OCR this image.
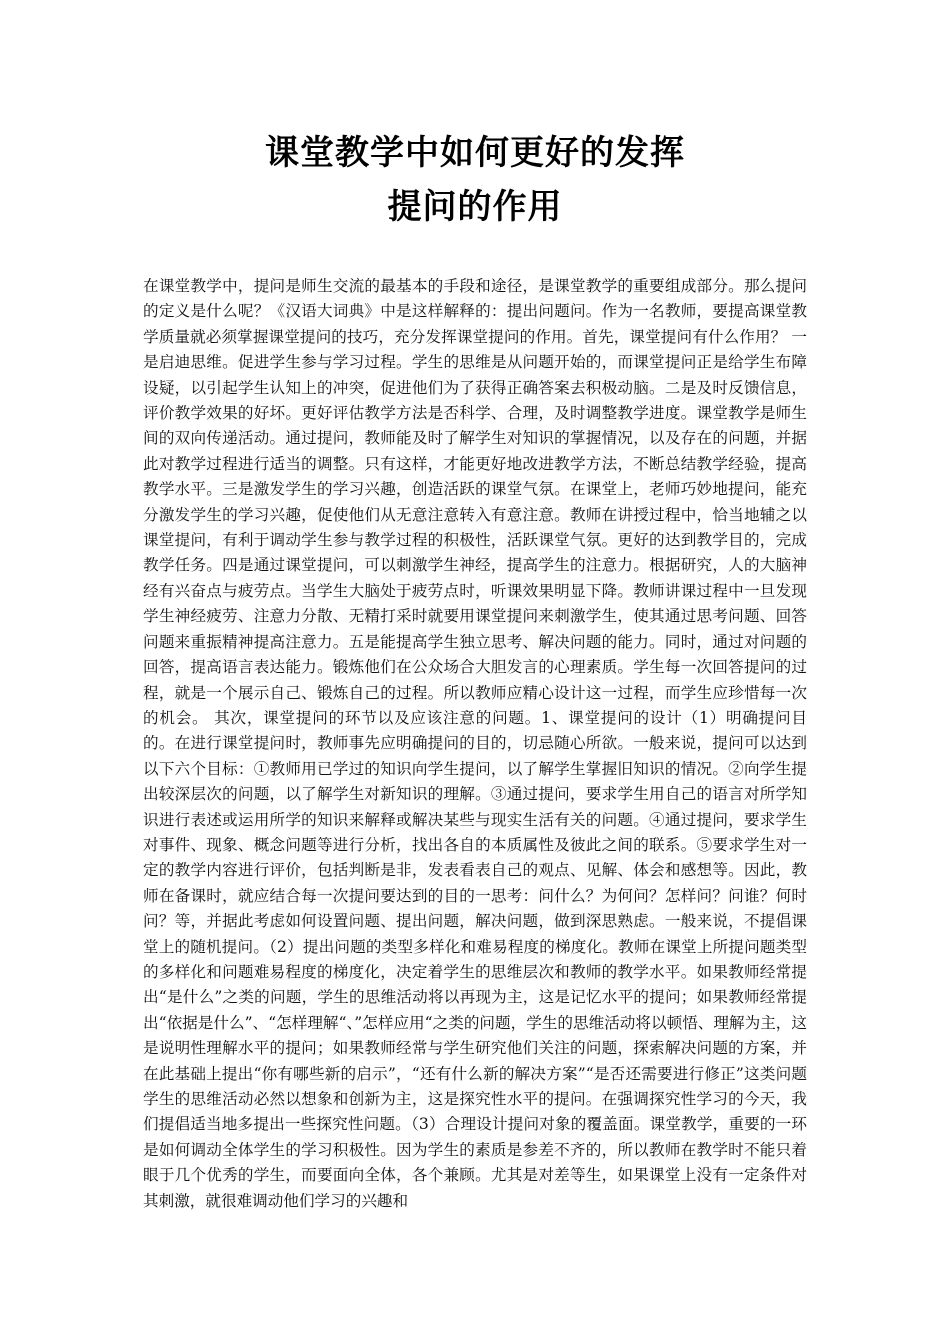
课堂教学中如何更好的发挥
提问的作用

在课堂教学中，提问是师生交流的最基本的手段和途径，是课堂教学的重要组成部分。那么提问的定义是什么呢？《汉语大词典》中是这样解释的：提出问题问。作为一名教师，要提高课堂教学质量就必须掌握课堂提问的技巧，充分发挥课堂提问的作用。首先，课堂提问有什么作用？ 一是启迪思维。促进学生参与学习过程。学生的思维是从问题开始的，而课堂提问正是给学生布障设疑，以引起学生认知上的冲突，促进他们为了获得正确答案去积极动脑。二是及时反馈信息，评价教学效果的好坏。更好评估教学方法是否科学、合理，及时调整教学进度。课堂教学是师生间的双向传递活动。通过提问，教师能及时了解学生对知识的掌握情况，以及存在的问题，并据此对教学过程进行适当的调整。只有这样，才能更好地改进教学方法，不断总结教学经验，提高教学水平。三是激发学生的学习兴趣，创造活跃的课堂气氛。在课堂上，老师巧妙地提问，能充分激发学生的学习兴趣，促使他们从无意注意转入有意注意。教师在讲授过程中，恰当地辅之以课堂提问，有利于调动学生参与教学过程的积极性，活跃课堂气氛。更好的达到教学目的，完成教学任务。四是通过课堂提问，可以刺激学生神经，提高学生的注意力。根据研究，人的大脑神经有兴奋点与疲劳点。当学生大脑处于疲劳点时，听课效果明显下降。教师讲课过程中一旦发现学生神经疲劳、注意力分散、无精打采时就要用课堂提问来刺激学生，使其通过思考问题、回答问题来重振精神提高注意力。五是能提高学生独立思考、解决问题的能力。同时，通过对问题的回答，提高语言表达能力。锻炼他们在公众场合大胆发言的心理素质。学生每一次回答提问的过程，就是一个展示自己、锻炼自己的过程。所以教师应精心设计这一过程，而学生应珍惜每一次的机会。 其次，课堂提问的环节以及应该注意的问题。1、课堂提问的设计（1）明确提问目的。在进行课堂提问时，教师事先应明确提问的目的，切忌随心所欲。一般来说，提问可以达到以下六个目标：①教师用已学过的知识向学生提问，以了解学生掌握旧知识的情况。②向学生提出较深层次的问题，以了解学生对新知识的理解。③通过提问，要求学生用自己的语言对所学知识进行表述或运用所学的知识来解释或解决某些与现实生活有关的问题。④通过提问，要求学生对事件、现象、概念问题等进行分析，找出各自的本质属性及彼此之间的联系。⑤要求学生对一定的教学内容进行评价，包括判断是非，发表看表自己的观点、见解、体会和感想等。因此，教师在备课时，就应结合每一次提问要达到的目的一思考：问什么？为何问？怎样问？问谁？何时问？等，并据此考虑如何设置问题、提出问题，解决问题，做到深思熟虑。一般来说，不提倡课堂上的随机提问。（2）提出问题的类型多样化和难易程度的梯度化。教师在课堂上所提问题类型的多样化和问题难易程度的梯度化，决定着学生的思维层次和教师的教学水平。如果教师经常提出“是什么”之类的问题，学生的思维活动将以再现为主，这是记忆水平的提问；如果教师经常提出“依据是什么”、“怎样理解“、”怎样应用“之类的问题，学生的思维活动将以顿悟、理解为主，这是说明性理解水平的提问；如果教师经常与学生研究他们关注的问题，探索解决问题的方案，并在此基础上提出“你有哪些新的启示”，“还有什么新的解决方案”“是否还需要进行修正”这类问题学生的思维活动必然以想象和创新为主，这是探究性水平的提问。在强调探究性学习的今天，我们提倡适当地多提出一些探究性问题。（3）合理设计提问对象的覆盖面。课堂教学，重要的一环是如何调动全体学生的学习积极性。因为学生的素质是参差不齐的，所以教师在教学时不能只着眼于几个优秀的学生，而要面向全体，各个兼顾。尤其是对差等生，如果课堂上没有一定条件对其刺激，就很难调动他们学习的兴趣和
